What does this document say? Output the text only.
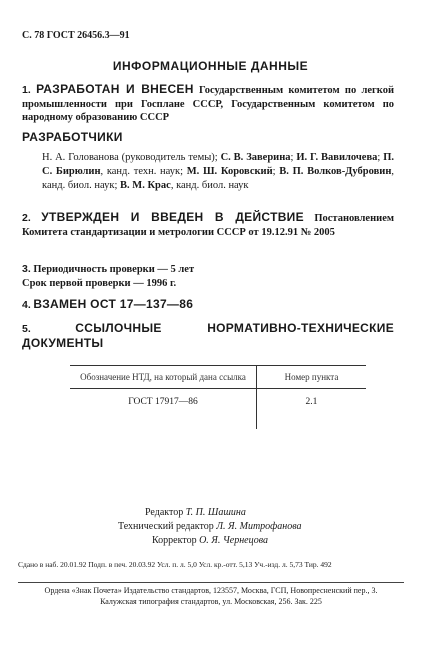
С. 78 ГОСТ 26456.3—91
ИНФОРМАЦИОННЫЕ ДАННЫЕ
1. РАЗРАБОТАН И ВНЕСЕН Государственным комитетом по легкой промышленности при Госплане СССР, Государственным комитетом по народному образованию СССР
РАЗРАБОТЧИКИ
Н. А. Голованова (руководитель темы); С. В. Заверина; И. Г. Вавилочева; П. С. Бирюлин, канд. техн. наук; М. Ш. Коровский; В. П. Волков-Дубровин, канд. биол. наук; В. М. Крас, канд. биол. наук
2. УТВЕРЖДЕН И ВВЕДЕН В ДЕЙСТВИЕ Постановлением Комитета стандартизации и метрологии СССР от 19.12.91 № 2005
3. Периодичность проверки — 5 лет
Срок первой проверки — 1996 г.
4. ВЗАМЕН ОСТ 17—137—86
5.	ССЫЛОЧНЫЕ НОРМАТИВНО-ТЕХНИЧЕСКИЕ ДОКУМЕНТЫ
Обозначение НТД, на который дана ссылка	Номер пункта
ГОСТ 17917—86	2.1
Редактор Т. П. Шашина
Технический редактор Л. Я. Митрофанова
Корректор О. Я. Чернецова
Сдано в наб. 20.01.92 Подп. в печ. 20.03.92 Усл. п. л. 5,0 Усл. кр.-отт. 5,13 Уч.-изд. л. 5,73 Тир. 492
Ордена «Знак Почета» Издательство стандартов, 123557, Москва, ГСП, Новопресненский пер., 3.
Калужская типография стандартов, ул. Московская, 256. Зак. 225
